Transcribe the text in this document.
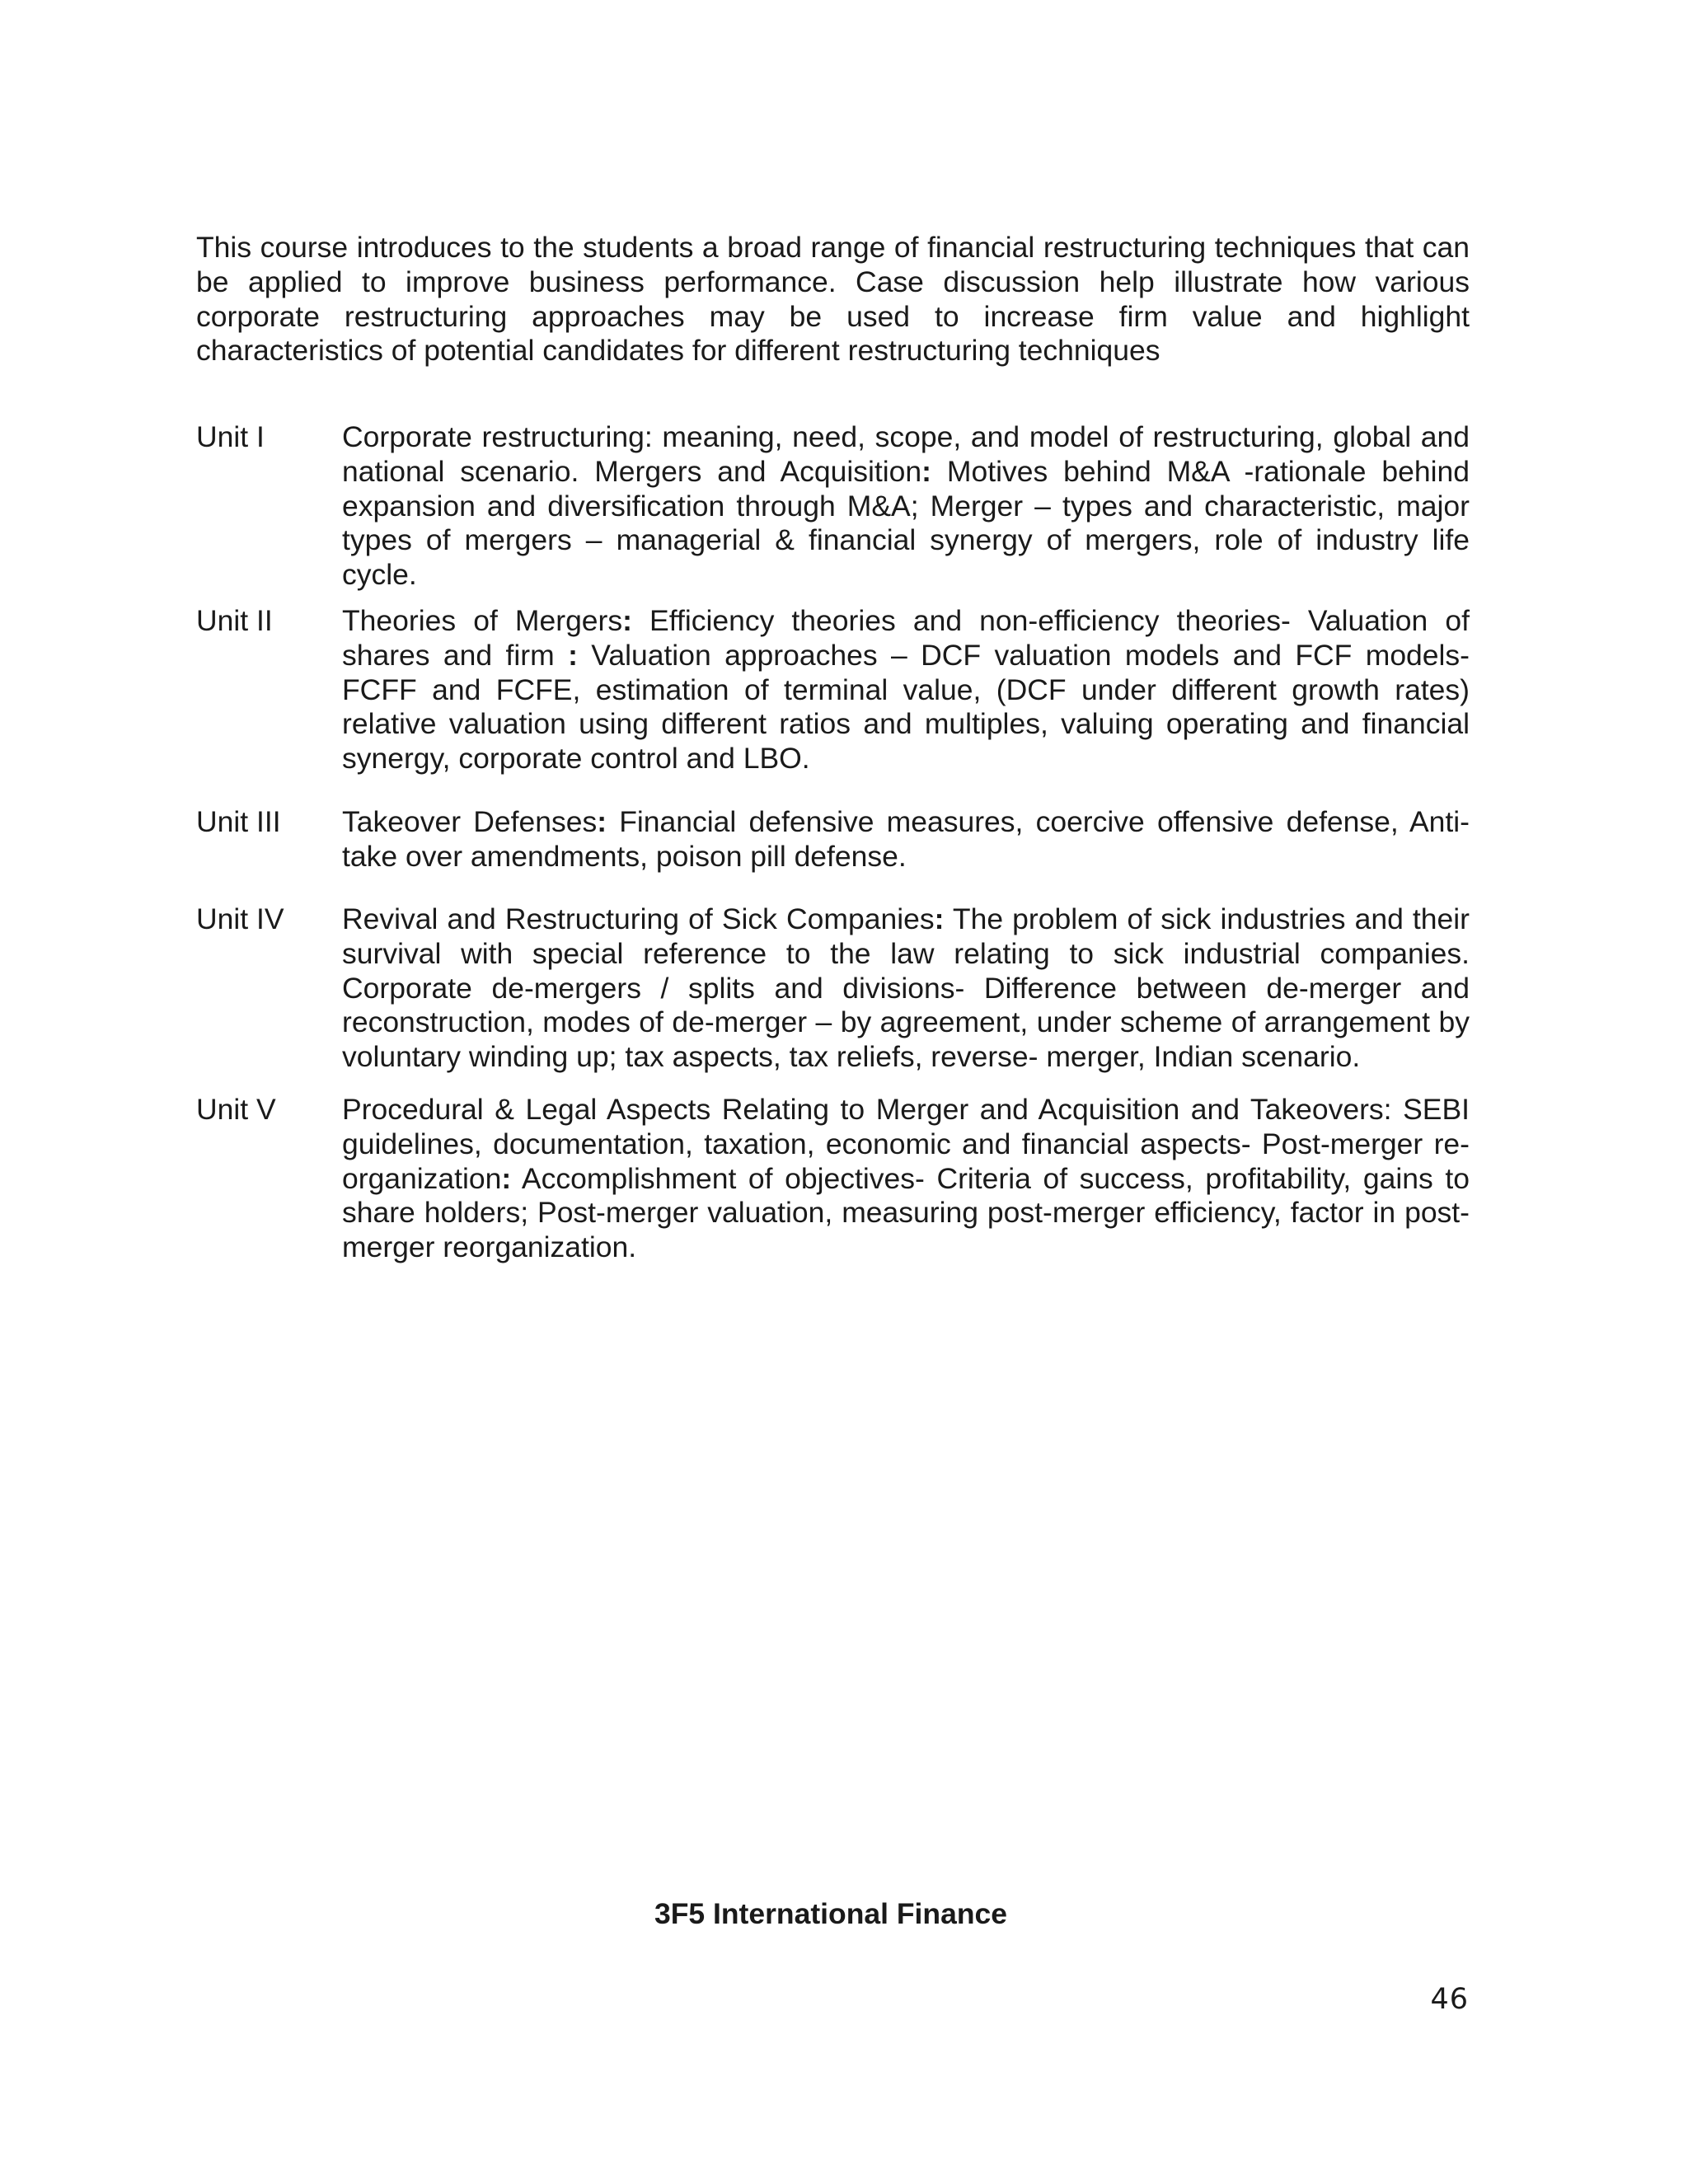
This course introduces to the students a broad range of financial restructuring techniques that can be applied to improve business performance. Case discussion help illustrate how various corporate restructuring approaches may be used to increase firm value and highlight characteristics of potential candidates for different restructuring techniques

Unit I	Corporate restructuring: meaning, need, scope, and model of restructuring, global and national scenario. Mergers and Acquisition: Motives behind M&A -rationale behind expansion and diversification through M&A; Merger – types and characteristic, major types of mergers – managerial & financial synergy of mergers, role of industry life cycle.

Unit II	Theories of Mergers: Efficiency theories and non-efficiency theories- Valuation of shares and firm : Valuation approaches – DCF valuation models and FCF models- FCFF and FCFE, estimation of terminal value, (DCF under different growth rates) relative valuation using different ratios and multiples, valuing operating and financial synergy, corporate control and LBO.

Unit III	Takeover Defenses: Financial defensive measures, coercive offensive defense, Anti-take over amendments, poison pill defense.

Unit IV	Revival and Restructuring of Sick Companies: The problem of sick industries and their survival with special reference to the law relating to sick industrial companies. Corporate de-mergers / splits and divisions- Difference between de-merger and reconstruction, modes of de-merger – by agreement, under scheme of arrangement by voluntary winding up; tax aspects, tax reliefs, reverse- merger, Indian scenario.

Unit V	Procedural & Legal Aspects Relating to Merger and Acquisition and Takeovers: SEBI guidelines, documentation, taxation, economic and financial aspects- Post-merger re-organization: Accomplishment of objectives- Criteria of success, profitability, gains to share holders; Post-merger valuation, measuring post-merger efficiency, factor in post-merger reorganization.

3F5 International Finance
46
